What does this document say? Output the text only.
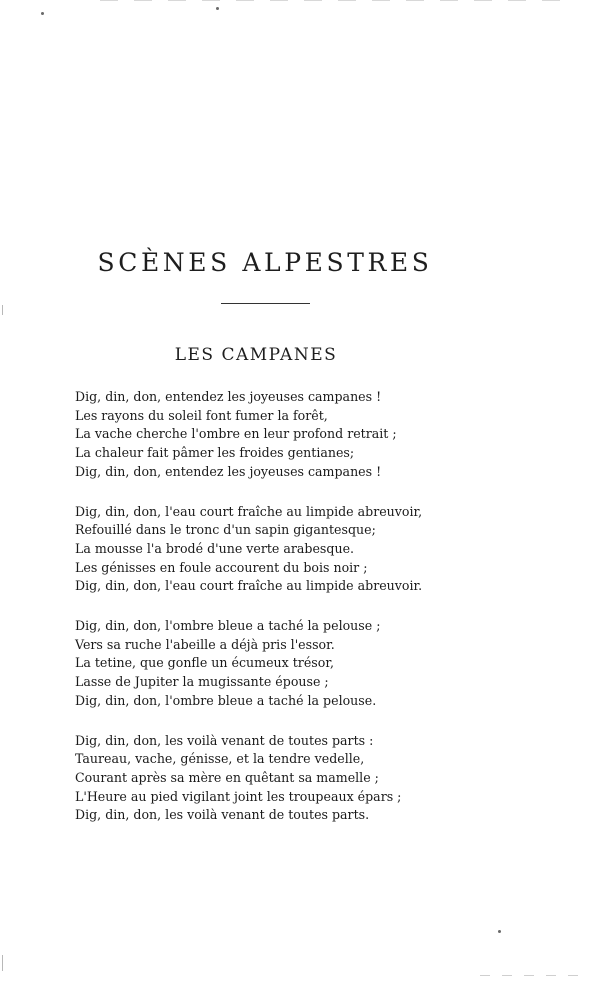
SCÈNES ALPESTRES
LES CAMPANES
Dig, din, don, entendez les joyeuses campanes !
Les rayons du soleil font fumer la forêt,
La vache cherche l'ombre en leur profond retrait ;
La chaleur fait pâmer les froides gentianes;
Dig, din, don, entendez les joyeuses campanes !
Dig, din, don, l'eau court fraîche au limpide abreuvoir,
Refouillé dans le tronc d'un sapin gigantesque;
La mousse l'a brodé d'une verte arabesque.
Les génisses en foule accourent du bois noir ;
Dig, din, don, l'eau court fraîche au limpide abreuvoir.
Dig, din, don, l'ombre bleue a taché la pelouse ;
Vers sa ruche l'abeille a déjà pris l'essor.
La tetine, que gonfle un écumeux trésor,
Lasse de Jupiter la mugissante épouse ;
Dig, din, don, l'ombre bleue a taché la pelouse.
Dig, din, don, les voilà venant de toutes parts :
Taureau, vache, génisse, et la tendre vedelle,
Courant après sa mère en quêtant sa mamelle ;
L'Heure au pied vigilant joint les troupeaux épars ;
Dig, din, don, les voilà venant de toutes parts.
